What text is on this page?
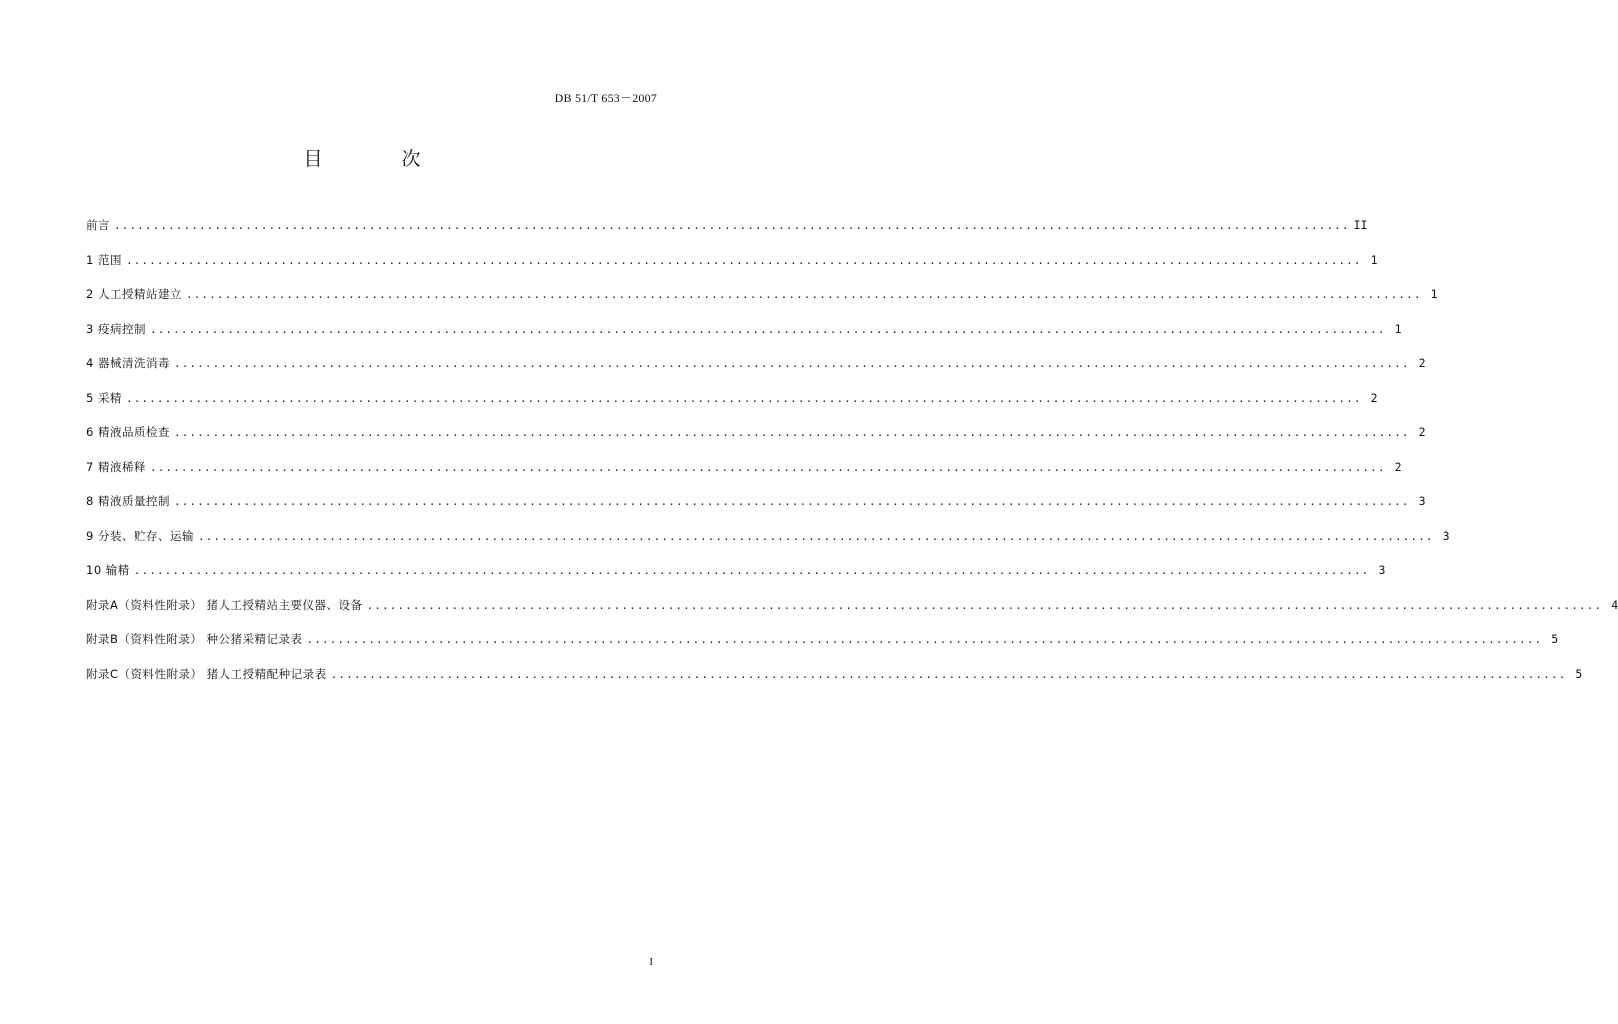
DB 51/T 653－2007
目　次
前言 ................................................................................................................................................................ II
1 范围 ................................................................................................................................................................ 1
2 人工授精站建立 ................................................................................................................................................................ 1
3 疫病控制 ................................................................................................................................................................ 1
4 器械清洗消毒 ................................................................................................................................................................ 2
5 采精 ................................................................................................................................................................ 2
6 精液品质检查 ................................................................................................................................................................ 2
7 精液稀释 ................................................................................................................................................................ 2
8 精液质量控制 ................................................................................................................................................................ 3
9 分装、贮存、运输 ................................................................................................................................................................ 3
10 输精 ................................................................................................................................................................ 3
附录A（资料性附录） 猪人工授精站主要仪器、设备 ................................................................................................................................................................ 4
附录B（资料性附录） 种公猪采精记录表 ................................................................................................................................................................ 5
附录C（资料性附录） 猪人工授精配种记录表 ................................................................................................................................................................ 5
I
